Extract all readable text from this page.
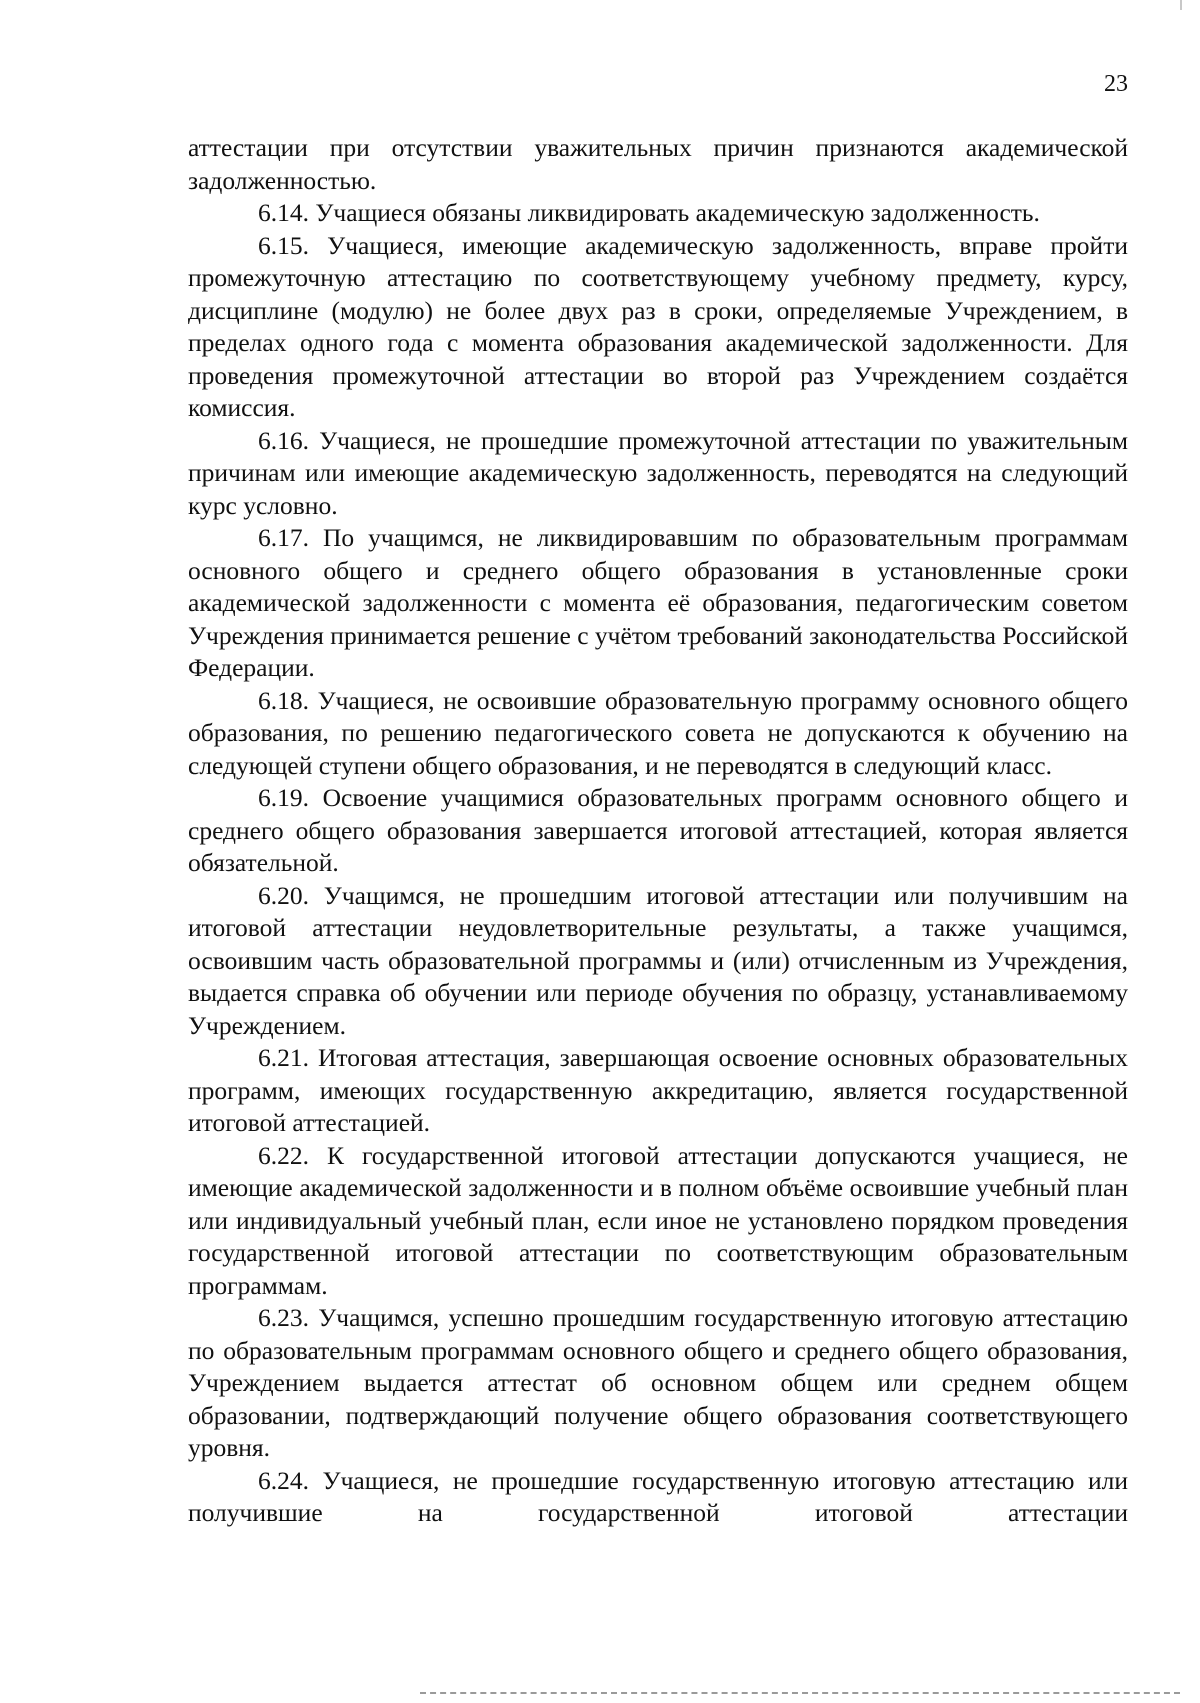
23

аттестации при отсутствии уважительных причин признаются академической задолженностью.

6.14. Учащиеся обязаны ликвидировать академическую задолженность.

6.15. Учащиеся, имеющие академическую задолженность, вправе пройти промежуточную аттестацию по соответствующему учебному предмету, курсу, дисциплине (модулю) не более двух раз в сроки, определяемые Учреждением, в пределах одного года с момента образования академической задолженности. Для проведения промежуточной аттестации во второй раз Учреждением создаётся комиссия.

6.16. Учащиеся, не прошедшие промежуточной аттестации по уважительным причинам или имеющие академическую задолженность, переводятся на следующий курс условно.

6.17. По учащимся, не ликвидировавшим по образовательным программам основного общего и среднего общего образования в установленные сроки академической задолженности с момента её образования, педагогическим советом Учреждения принимается решение с учётом требований законодательства Российской Федерации.

6.18. Учащиеся, не освоившие образовательную программу основного общего образования, по решению педагогического совета не допускаются к обучению на следующей ступени общего образования, и не переводятся в следующий класс.

6.19. Освоение учащимися образовательных программ основного общего и среднего общего образования завершается итоговой аттестацией, которая является обязательной.

6.20. Учащимся, не прошедшим итоговой аттестации или получившим на итоговой аттестации неудовлетворительные результаты, а также учащимся, освоившим часть образовательной программы и (или) отчисленным из Учреждения, выдается справка об обучении или периоде обучения по образцу, устанавливаемому Учреждением.

6.21. Итоговая аттестация, завершающая освоение основных образовательных программ, имеющих государственную аккредитацию, является государственной итоговой аттестацией.

6.22. К государственной итоговой аттестации допускаются учащиеся, не имеющие академической задолженности и в полном объёме освоившие учебный план или индивидуальный учебный план, если иное не установлено порядком проведения государственной итоговой аттестации по соответствующим образовательным программам.

6.23. Учащимся, успешно прошедшим государственную итоговую аттестацию по образовательным программам основного общего и среднего общего образования, Учреждением выдается аттестат об основном общем или среднем общем образовании, подтверждающий получение общего образования соответствующего уровня.

6.24. Учащиеся, не прошедшие государственную итоговую аттестацию или получившие на государственной итоговой аттестации
